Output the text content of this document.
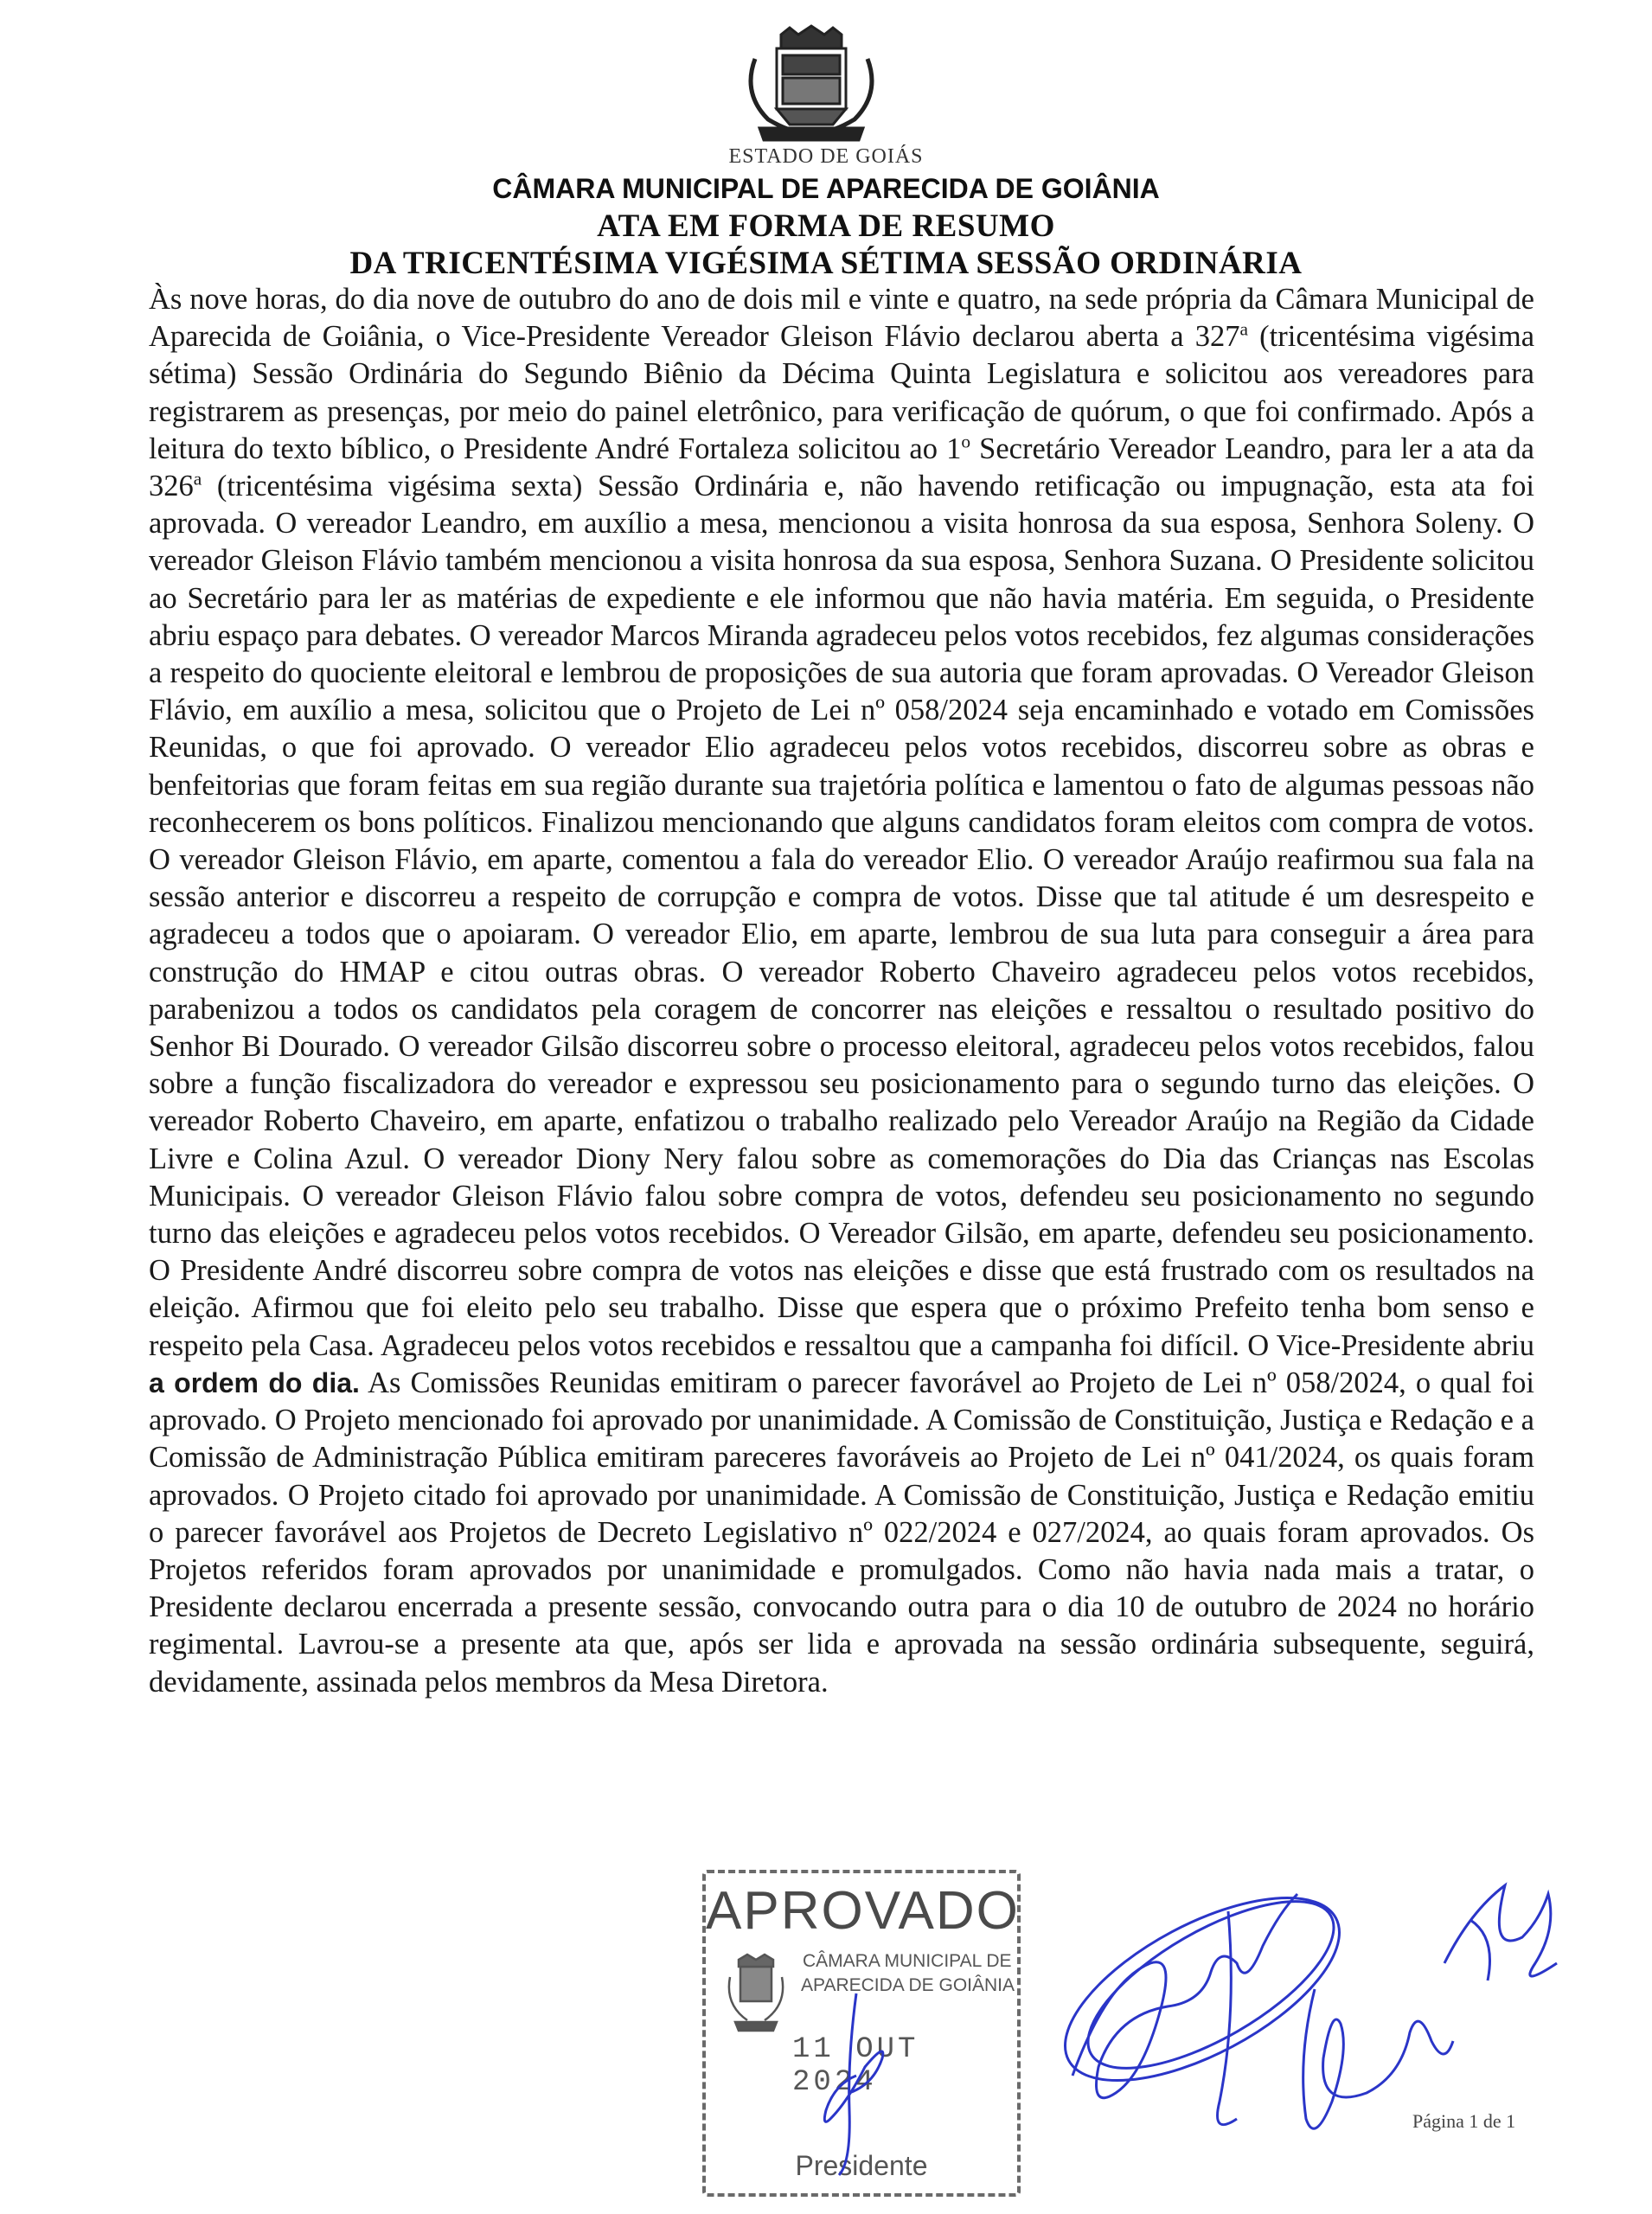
ESTADO DE GOIÁS
CÂMARA MUNICIPAL DE APARECIDA DE GOIÂNIA
ATA EM FORMA DE RESUMO
DA TRICENTÉSIMA VIGÉSIMA SÉTIMA SESSÃO ORDINÁRIA
Às nove horas, do dia nove de outubro do ano de dois mil e vinte e quatro, na sede própria da Câmara Municipal de Aparecida de Goiânia, o Vice-Presidente Vereador Gleison Flávio declarou aberta a 327$^a$ (tricentésima vigésima sétima) Sessão Ordinária do Segundo Biênio da Décima Quinta Legislatura e solicitou aos vereadores para registrarem as presenças, por meio do painel eletrônico, para verificação de quórum, o que foi confirmado. Após a leitura do texto bíblico, o Presidente André Fortaleza solicitou ao 1$^o$ Secretário Vereador Leandro, para ler a ata da 326$^a$ (tricentésima vigésima sexta) Sessão Ordinária e, não havendo retificação ou impugnação, esta ata foi aprovada. O vereador Leandro, em auxílio a mesa, mencionou a visita honrosa da sua esposa, Senhora Soleny. O vereador Gleison Flávio também mencionou a visita honrosa da sua esposa, Senhora Suzana. O Presidente solicitou ao Secretário para ler as matérias de expediente e ele informou que não havia matéria. Em seguida, o Presidente abriu espaço para debates. O vereador Marcos Miranda agradeceu pelos votos recebidos, fez algumas considerações a respeito do quociente eleitoral e lembrou de proposições de sua autoria que foram aprovadas. O Vereador Gleison Flávio, em auxílio a mesa, solicitou que o Projeto de Lei nº 058/2024 seja encaminhado e votado em Comissões Reunidas, o que foi aprovado. O vereador Elio agradeceu pelos votos recebidos, discorreu sobre as obras e benfeitorias que foram feitas em sua região durante sua trajetória política e lamentou o fato de algumas pessoas não reconhecerem os bons políticos. Finalizou mencionando que alguns candidatos foram eleitos com compra de votos. O vereador Gleison Flávio, em aparte, comentou a fala do vereador Elio. O vereador Araújo reafirmou sua fala na sessão anterior e discorreu a respeito de corrupção e compra de votos. Disse que tal atitude é um desrespeito e agradeceu a todos que o apoiaram. O vereador Elio, em aparte, lembrou de sua luta para conseguir a área para construção do HMAP e citou outras obras. O vereador Roberto Chaveiro agradeceu pelos votos recebidos, parabenizou a todos os candidatos pela coragem de concorrer nas eleições e ressaltou o resultado positivo do Senhor Bi Dourado. O vereador Gilsão discorreu sobre o processo eleitoral, agradeceu pelos votos recebidos, falou sobre a função fiscalizadora do vereador e expressou seu posicionamento para o segundo turno das eleições. O vereador Roberto Chaveiro, em aparte, enfatizou o trabalho realizado pelo Vereador Araújo na Região da Cidade Livre e Colina Azul. O vereador Diony Nery falou sobre as comemorações do Dia das Crianças nas Escolas Municipais. O vereador Gleison Flávio falou sobre compra de votos, defendeu seu posicionamento no segundo turno das eleições e agradeceu pelos votos recebidos. O Vereador Gilsão, em aparte, defendeu seu posicionamento. O Presidente André discorreu sobre compra de votos nas eleições e disse que está frustrado com os resultados na eleição. Afirmou que foi eleito pelo seu trabalho. Disse que espera que o próximo Prefeito tenha bom senso e respeito pela Casa. Agradeceu pelos votos recebidos e ressaltou que a campanha foi difícil. O Vice-Presidente abriu a ordem do dia. As Comissões Reunidas emitiram o parecer favorável ao Projeto de Lei nº 058/2024, o qual foi aprovado. O Projeto mencionado foi aprovado por unanimidade. A Comissão de Constituição, Justiça e Redação e a Comissão de Administração Pública emitiram pareceres favoráveis ao Projeto de Lei nº 041/2024, os quais foram aprovados. O Projeto citado foi aprovado por unanimidade. A Comissão de Constituição, Justiça e Redação emitiu o parecer favorável aos Projetos de Decreto Legislativo nº 022/2024 e 027/2024, ao quais foram aprovados. Os Projetos referidos foram aprovados por unanimidade e promulgados. Como não havia nada mais a tratar, o Presidente declarou encerrada a presente sessão, convocando outra para o dia 10 de outubro de 2024 no horário regimental. Lavrou-se a presente ata que, após ser lida e aprovada na sessão ordinária subsequente, seguirá, devidamente, assinada pelos membros da Mesa Diretora.
APROVADO
CÂMARA MUNICIPAL DE
APARECIDA DE GOIÂNIA
11 OUT 2024
Presidente
Página 1 de 1
